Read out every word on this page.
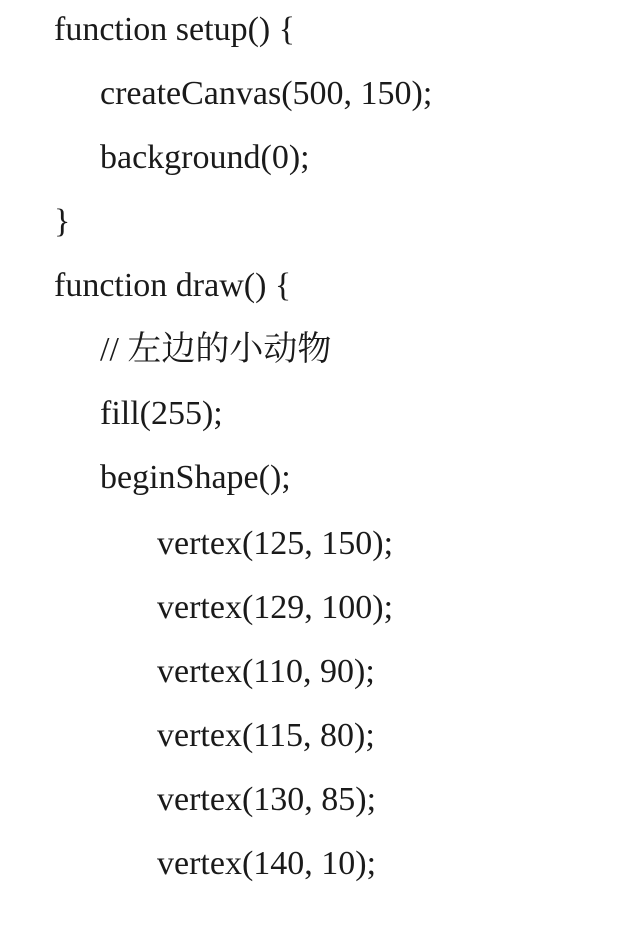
function setup() {
createCanvas(500, 150);
background(0);
}
function draw() {
// 左边的小动物
fill(255);
beginShape();
vertex(125, 150);
vertex(129, 100);
vertex(110, 90);
vertex(115, 80);
vertex(130, 85);
vertex(140, 10);
